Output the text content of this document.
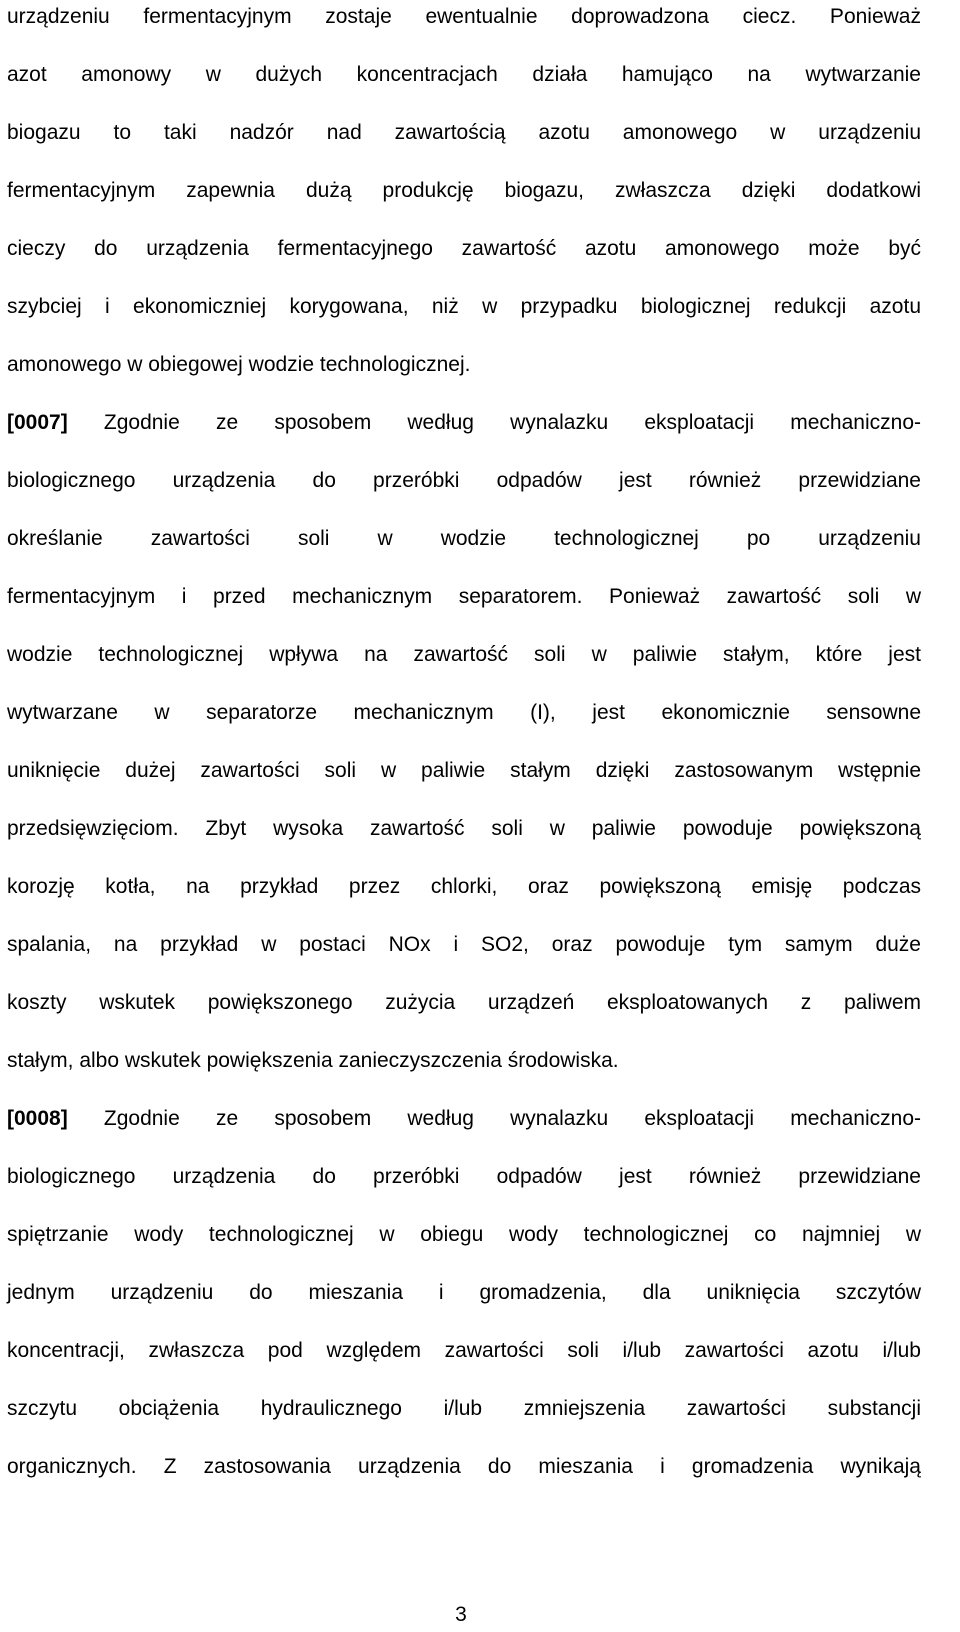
urządzeniu fermentacyjnym zostaje ewentualnie doprowadzona ciecz. Ponieważ
azot amonowy w dużych koncentracjach działa hamująco na wytwarzanie
biogazu to taki nadzór nad zawartością azotu amonowego w urządzeniu
fermentacyjnym zapewnia dużą produkcję biogazu, zwłaszcza dzięki dodatkowi
cieczy do urządzenia fermentacyjnego zawartość azotu amonowego może być
szybciej i ekonomiczniej korygowana, niż w przypadku biologicznej redukcji azotu
amonowego w obiegowej wodzie technologicznej.
[0007] Zgodnie ze sposobem według wynalazku eksploatacji mechaniczno-
biologicznego urządzenia do przeróbki odpadów jest również przewidziane
określanie zawartości soli w wodzie technologicznej po urządzeniu
fermentacyjnym i przed mechanicznym separatorem. Ponieważ zawartość soli w
wodzie technologicznej wpływa na zawartość soli w paliwie stałym, które jest
wytwarzane w separatorze mechanicznym (I), jest ekonomicznie sensowne
uniknięcie dużej zawartości soli w paliwie stałym dzięki zastosowanym wstępnie
przedsięwzięciom. Zbyt wysoka zawartość soli w paliwie powoduje powiększoną
korozję kotła, na przykład przez chlorki, oraz powiększoną emisję podczas
spalania, na przykład w postaci NOx i SO2, oraz powoduje tym samym duże
koszty wskutek powiększonego zużycia urządzeń eksploatowanych z paliwem
stałym, albo wskutek powiększenia zanieczyszczenia środowiska.
[0008] Zgodnie ze sposobem według wynalazku eksploatacji mechaniczno-
biologicznego urządzenia do przeróbki odpadów jest również przewidziane
spiętrzanie wody technologicznej w obiegu wody technologicznej co najmniej w
jednym urządzeniu do mieszania i gromadzenia, dla uniknięcia szczytów
koncentracji, zwłaszcza pod względem zawartości soli i/lub zawartości azotu i/lub
szczytu obciążenia hydraulicznego i/lub zmniejszenia zawartości substancji
organicznych. Z zastosowania urządzenia do mieszania i gromadzenia wynikają
3
